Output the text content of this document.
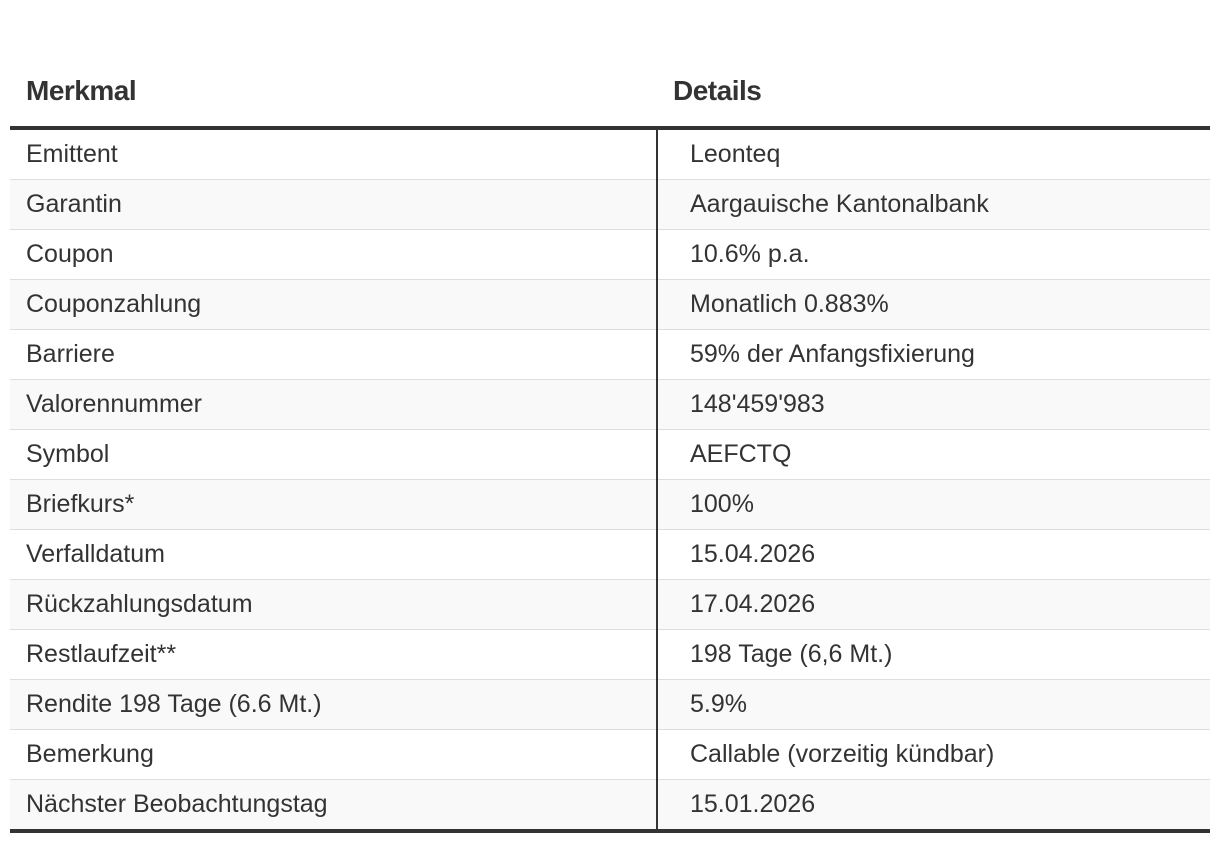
Merkmal	Details
Emittent	Leonteq
Garantin	Aargauische Kantonalbank
Coupon	10.6% p.a.
Couponzahlung	Monatlich 0.883%
Barriere	59% der Anfangsfixierung
Valorennummer	148'459'983
Symbol	AEFCTQ
Briefkurs*	100%
Verfalldatum	15.04.2026
Rückzahlungsdatum	17.04.2026
Restlaufzeit**	198 Tage (6,6 Mt.)
Rendite 198 Tage (6.6 Mt.)	5.9%
Bemerkung	Callable (vorzeitig kündbar)
Nächster Beobachtungstag	15.01.2026
